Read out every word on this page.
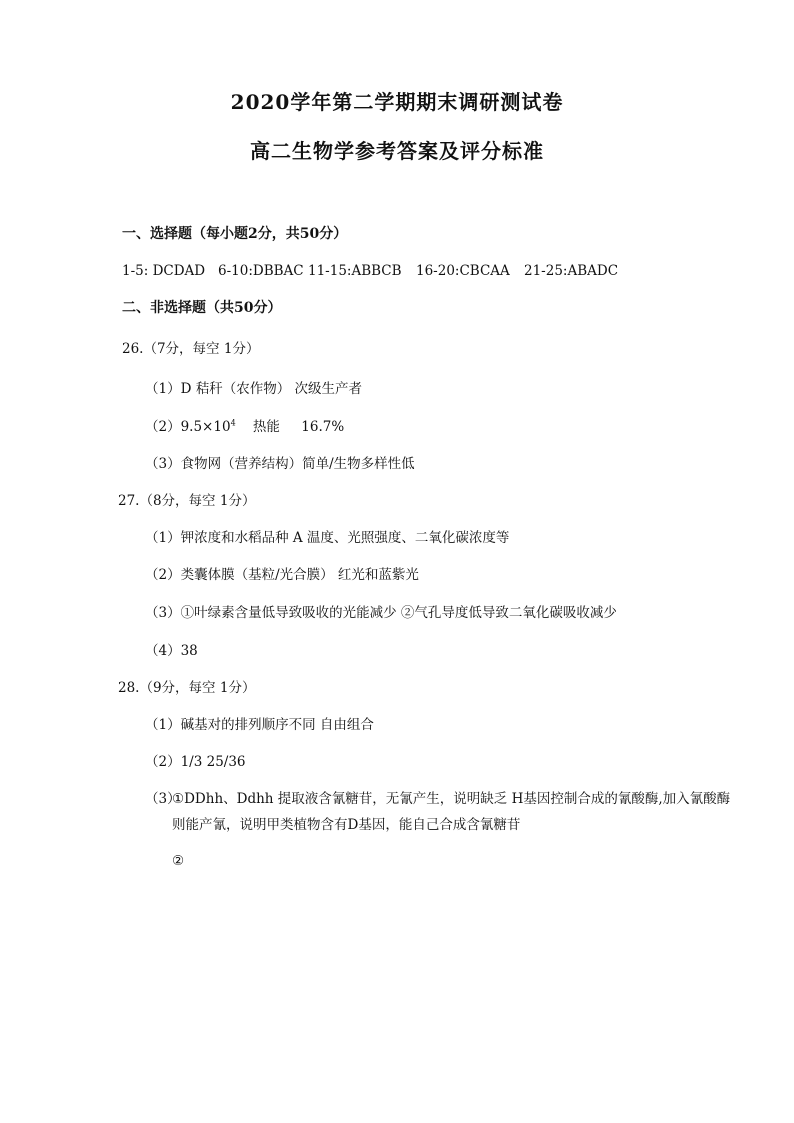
2020学年第二学期期末调研测试卷
高二生物学参考答案及评分标准
一、选择题（每小题2分，共50分）
1-5: DCDAD 6-10:DBBAC 11-15:ABBCB 16-20:CBCAA 21-25:ABADC
二、非选择题（共50分）
26.（7分，每空 1分）
（1）D 秸秆（农作物） 次级生产者
$(2)9.5\times 10^4$    热能     16.7%
（3）食物网（营养结构）简单/生物多样性低
27.（8分，每空 1分）
（1）钾浓度和水稻品种 A 温度、光照强度、二氧化碳浓度等
（2）类囊体膜（基粒/光合膜） 红光和蓝紫光
（3）①叶绿素含量低导致吸收的光能减少 ②气孔导度低导致二氧化碳吸收减少
（4）38
28.（9分，每空 1分）
（1）碱基对的排列顺序不同 自由组合
（2）1/3 25/36
（3）
①DDhh、Ddhh 提取液含氰糖苷，无氰产生，说明缺乏 H基因控制合成的氰酸酶,加入氰酸酶则能产氰，说明甲类植物含有D基因，能自己合成含氰糖苷
②
